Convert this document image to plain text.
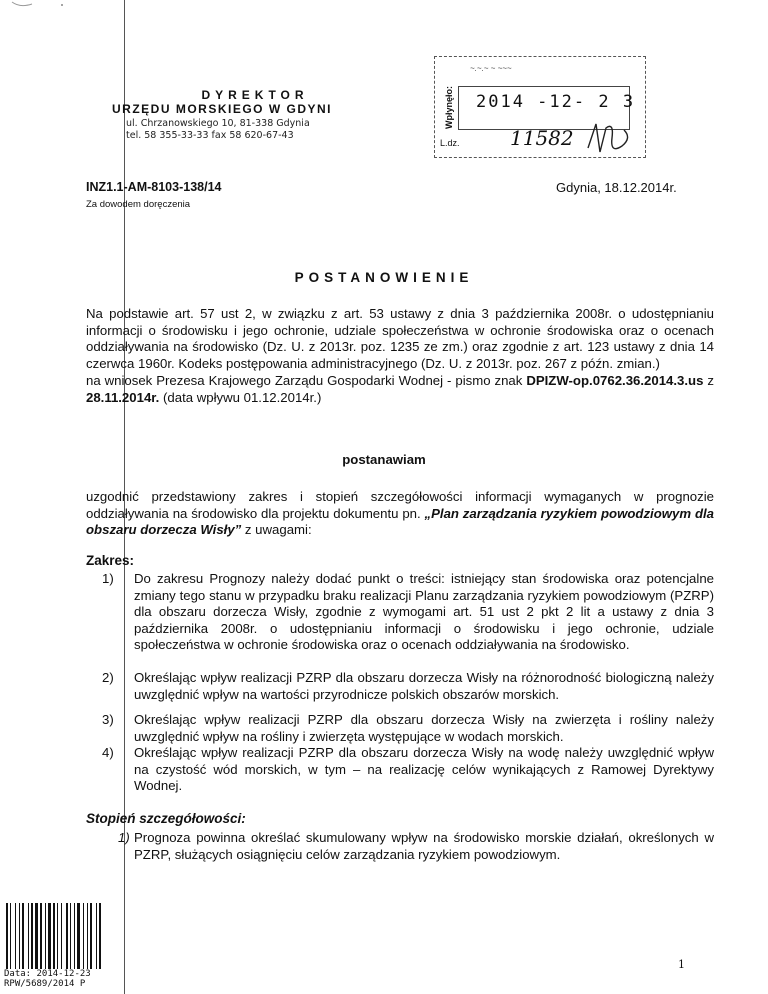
DYREKTOR
URZĘDU MORSKIEGO W GDYNI
ul. Chrzanowskiego 10, 81-338 Gdynia
tel. 58 355-33-33 fax 58 620-67-43
~.~.~ ~ ~~~
Wpłynęło: 2014 -12- 2 3
L.dz.	11582
INZ1.1-AM-8103-138/14	Gdynia, 18.12.2014r.
Za dowodem doręczenia
POSTANOWIENIE
Na podstawie art. 57 ust 2, w związku z art. 53 ustawy z dnia 3 października 2008r. o udostępnianiu informacji o środowisku i jego ochronie, udziale społeczeństwa w ochronie środowiska oraz o ocenach oddziaływania na środowisko (Dz. U. z 2013r. poz. 1235 ze zm.) oraz zgodnie z art. 123 ustawy z dnia 14 czerwca 1960r. Kodeks postępowania administracyjnego (Dz. U. z 2013r. poz. 267 z późn. zmian.)
na wniosek Prezesa Krajowego Zarządu Gospodarki Wodnej - pismo znak DPIZW-op.0762.36.2014.3.us z 28.11.2014r. (data wpływu 01.12.2014r.)
postanawiam
uzgodnić przedstawiony zakres i stopień szczegółowości informacji wymaganych w prognozie oddziaływania na środowisko dla projektu dokumentu pn. „Plan zarządzania ryzykiem powodziowym dla obszaru dorzecza Wisły” z uwagami:
Zakres:
1) Do zakresu Prognozy należy dodać punkt o treści: istniejący stan środowiska oraz potencjalne zmiany tego stanu w przypadku braku realizacji Planu zarządzania ryzykiem powodziowym (PZRP) dla obszaru dorzecza Wisły, zgodnie z wymogami art. 51 ust 2 pkt 2 lit a ustawy z dnia 3 października 2008r. o udostępnianiu informacji o środowisku i jego ochronie, udziale społeczeństwa w ochronie środowiska oraz o ocenach oddziaływania na środowisko.
2) Określając wpływ realizacji PZRP dla obszaru dorzecza Wisły na różnorodność biologiczną należy uwzględnić wpływ na wartości przyrodnicze polskich obszarów morskich.
3) Określając wpływ realizacji PZRP dla obszaru dorzecza Wisły na zwierzęta i rośliny należy uwzględnić wpływ na rośliny i zwierzęta występujące w wodach morskich.
4) Określając wpływ realizacji PZRP dla obszaru dorzecza Wisły na wodę należy uwzględnić wpływ na czystość wód morskich, w tym – na realizację celów wynikających z Ramowej Dyrektywy Wodnej.
Stopień szczegółowości:
1) Prognoza powinna określać skumulowany wpływ na środowisko morskie działań, określonych w PZRP, służących osiągnięciu celów zarządzania ryzykiem powodziowym.
Data: 2014-12-23
RPW/5689/2014 P
1
